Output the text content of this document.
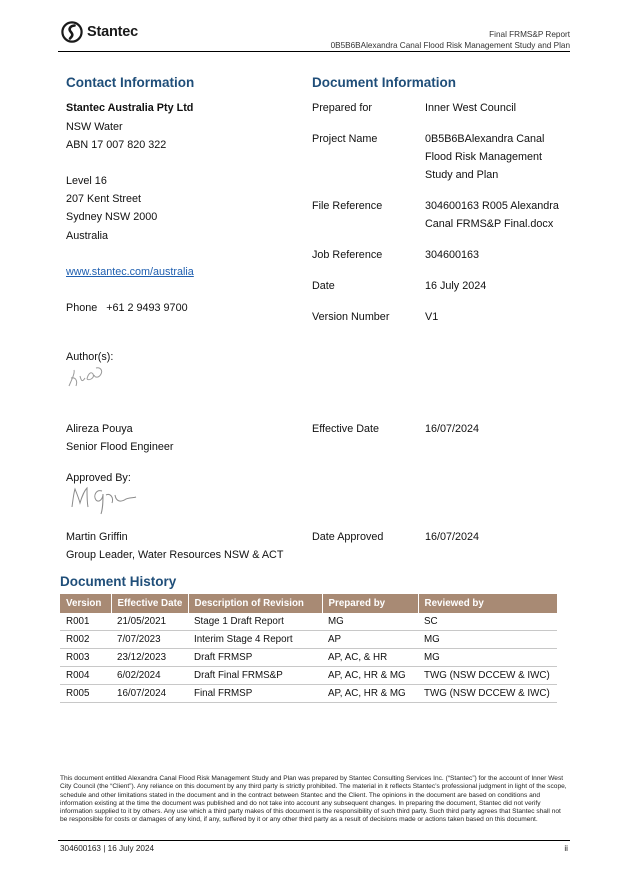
Stantec	Final FRMS&P Report
0B5B6BAlexandra Canal Flood Risk Management Study and Plan
Contact Information
Stantec Australia Pty Ltd
NSW Water
ABN 17 007 820 322
Level 16
207 Kent Street
Sydney NSW 2000
Australia
www.stantec.com/australia
Phone   +61 2 9493 9700
Document Information
Prepared for	Inner West Council
Project Name	0B5B6BAlexandra Canal
Flood Risk Management
Study and Plan
File Reference	304600163 R005 Alexandra
Canal FRMS&P Final.docx
Job Reference	304600163
Date	16 July 2024
Version Number	V1
Author(s):
Alireza Pouya
Senior Flood Engineer
Effective Date	16/07/2024
Approved By:
Martin Griffin
Group Leader, Water Resources NSW & ACT
Date Approved	16/07/2024
Document History
Version	Effective Date	Description of Revision	Prepared by	Reviewed by
R001	21/05/2021	Stage 1 Draft Report	MG	SC
R002	7/07/2023	Interim Stage 4 Report	AP	MG
R003	23/12/2023	Draft FRMSP	AP, AC, & HR	MG
R004	6/02/2024	Draft Final FRMS&P	AP, AC, HR & MG	TWG (NSW DCCEW & IWC)
R005	16/07/2024	Final FRMSP	AP, AC, HR & MG	TWG (NSW DCCEW & IWC)
This document entitled Alexandra Canal Flood Risk Management Study and Plan was prepared by Stantec Consulting Services Inc. (“Stantec”) for the account of Inner West City Council (the “Client”). Any reliance on this document by any third party is strictly prohibited. The material in it reflects Stantec’s professional judgment in light of the scope, schedule and other limitations stated in the document and in the contract between Stantec and the Client. The opinions in the document are based on conditions and information existing at the time the document was published and do not take into account any subsequent changes. In preparing the document, Stantec did not verify information supplied to it by others. Any use which a third party makes of this document is the responsibility of such third party. Such third party agrees that Stantec shall not be responsible for costs or damages of any kind, if any, suffered by it or any other third party as a result of decisions made or actions taken based on this document.
304600163 | 16 July 2024	ii
